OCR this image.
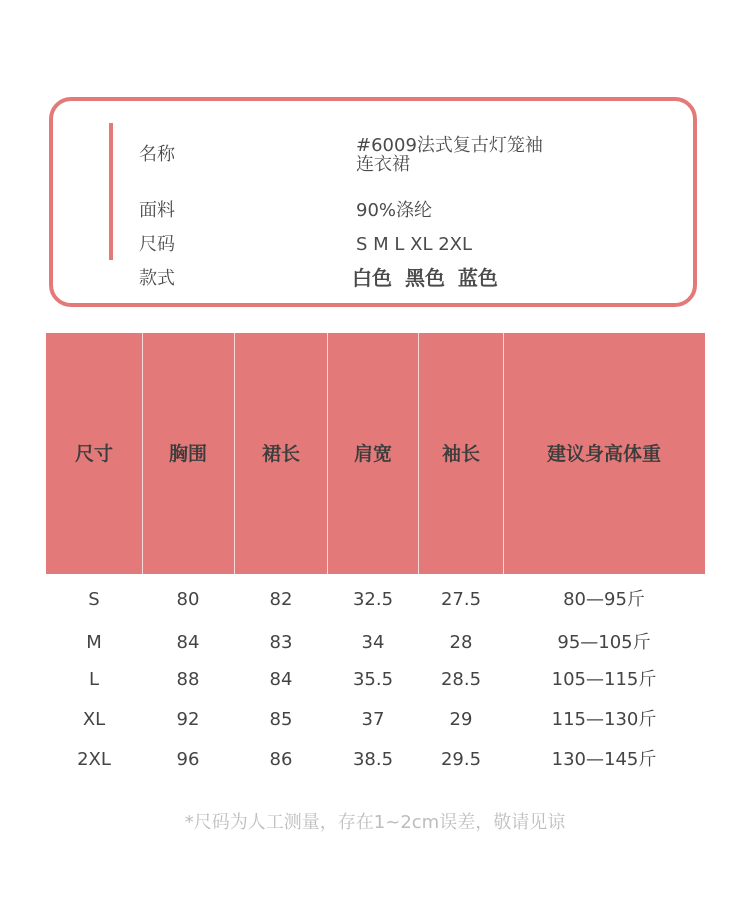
名称	#6009法式复古灯笼袖
连衣裙
面料	90%涤纶
尺码	S M L XL 2XL
款式	白色 黑色 蓝色
尺寸	胸围	裙长	肩宽	袖长	建议身高体重
S	80	82	32.5	27.5	80—95斤
M	84	83	34	28	95—105斤
L	88	84	35.5	28.5	105—115斤
XL	92	85	37	29	115—130斤
2XL	96	86	38.5	29.5	130—145斤
*尺码为人工测量，存在1~2cm误差，敬请见谅
